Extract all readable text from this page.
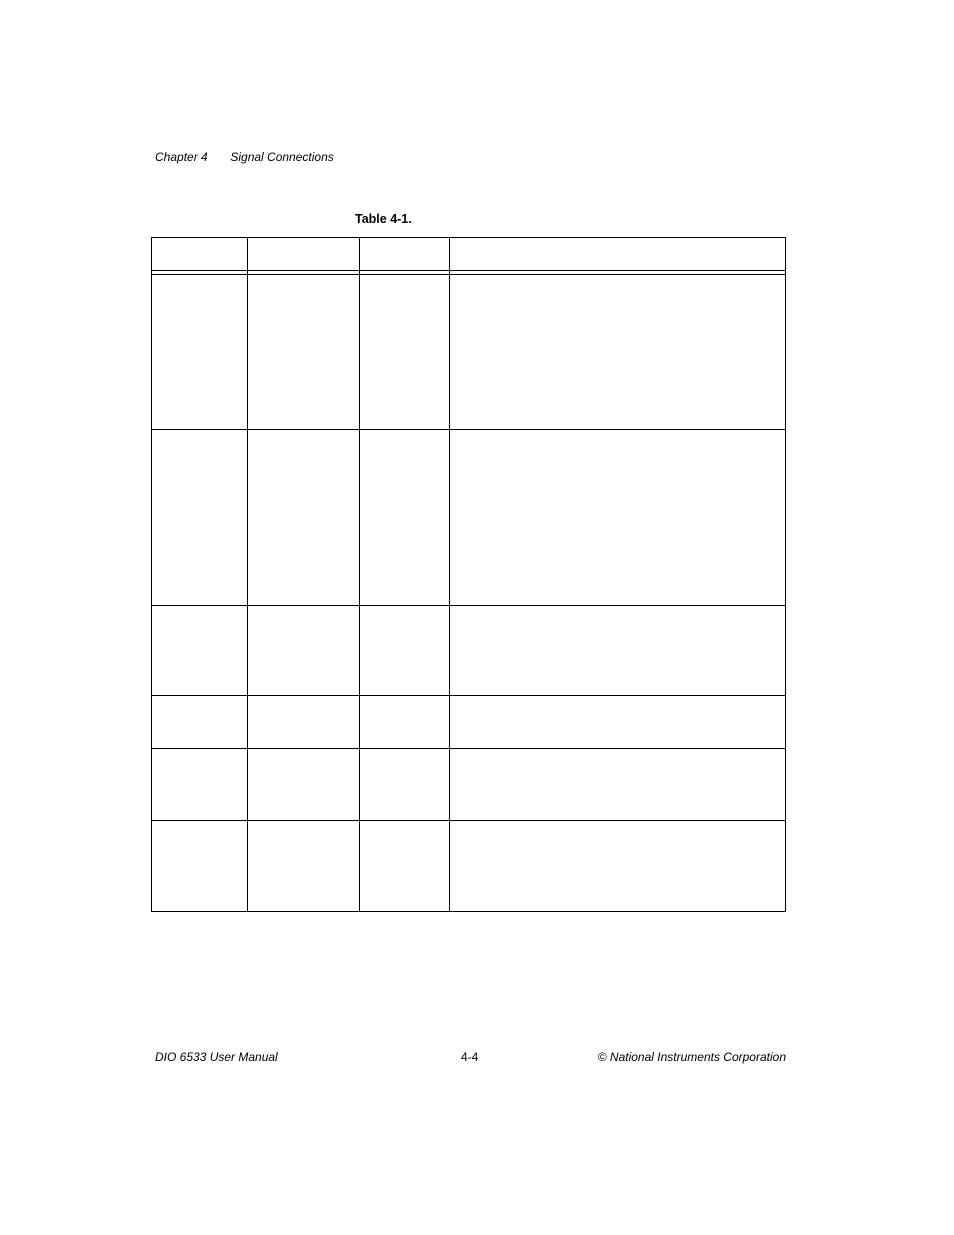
Chapter 4 Signal Connections
Table 4-1.
DIO 6533 User Manual	4-4	© National Instruments Corporation
